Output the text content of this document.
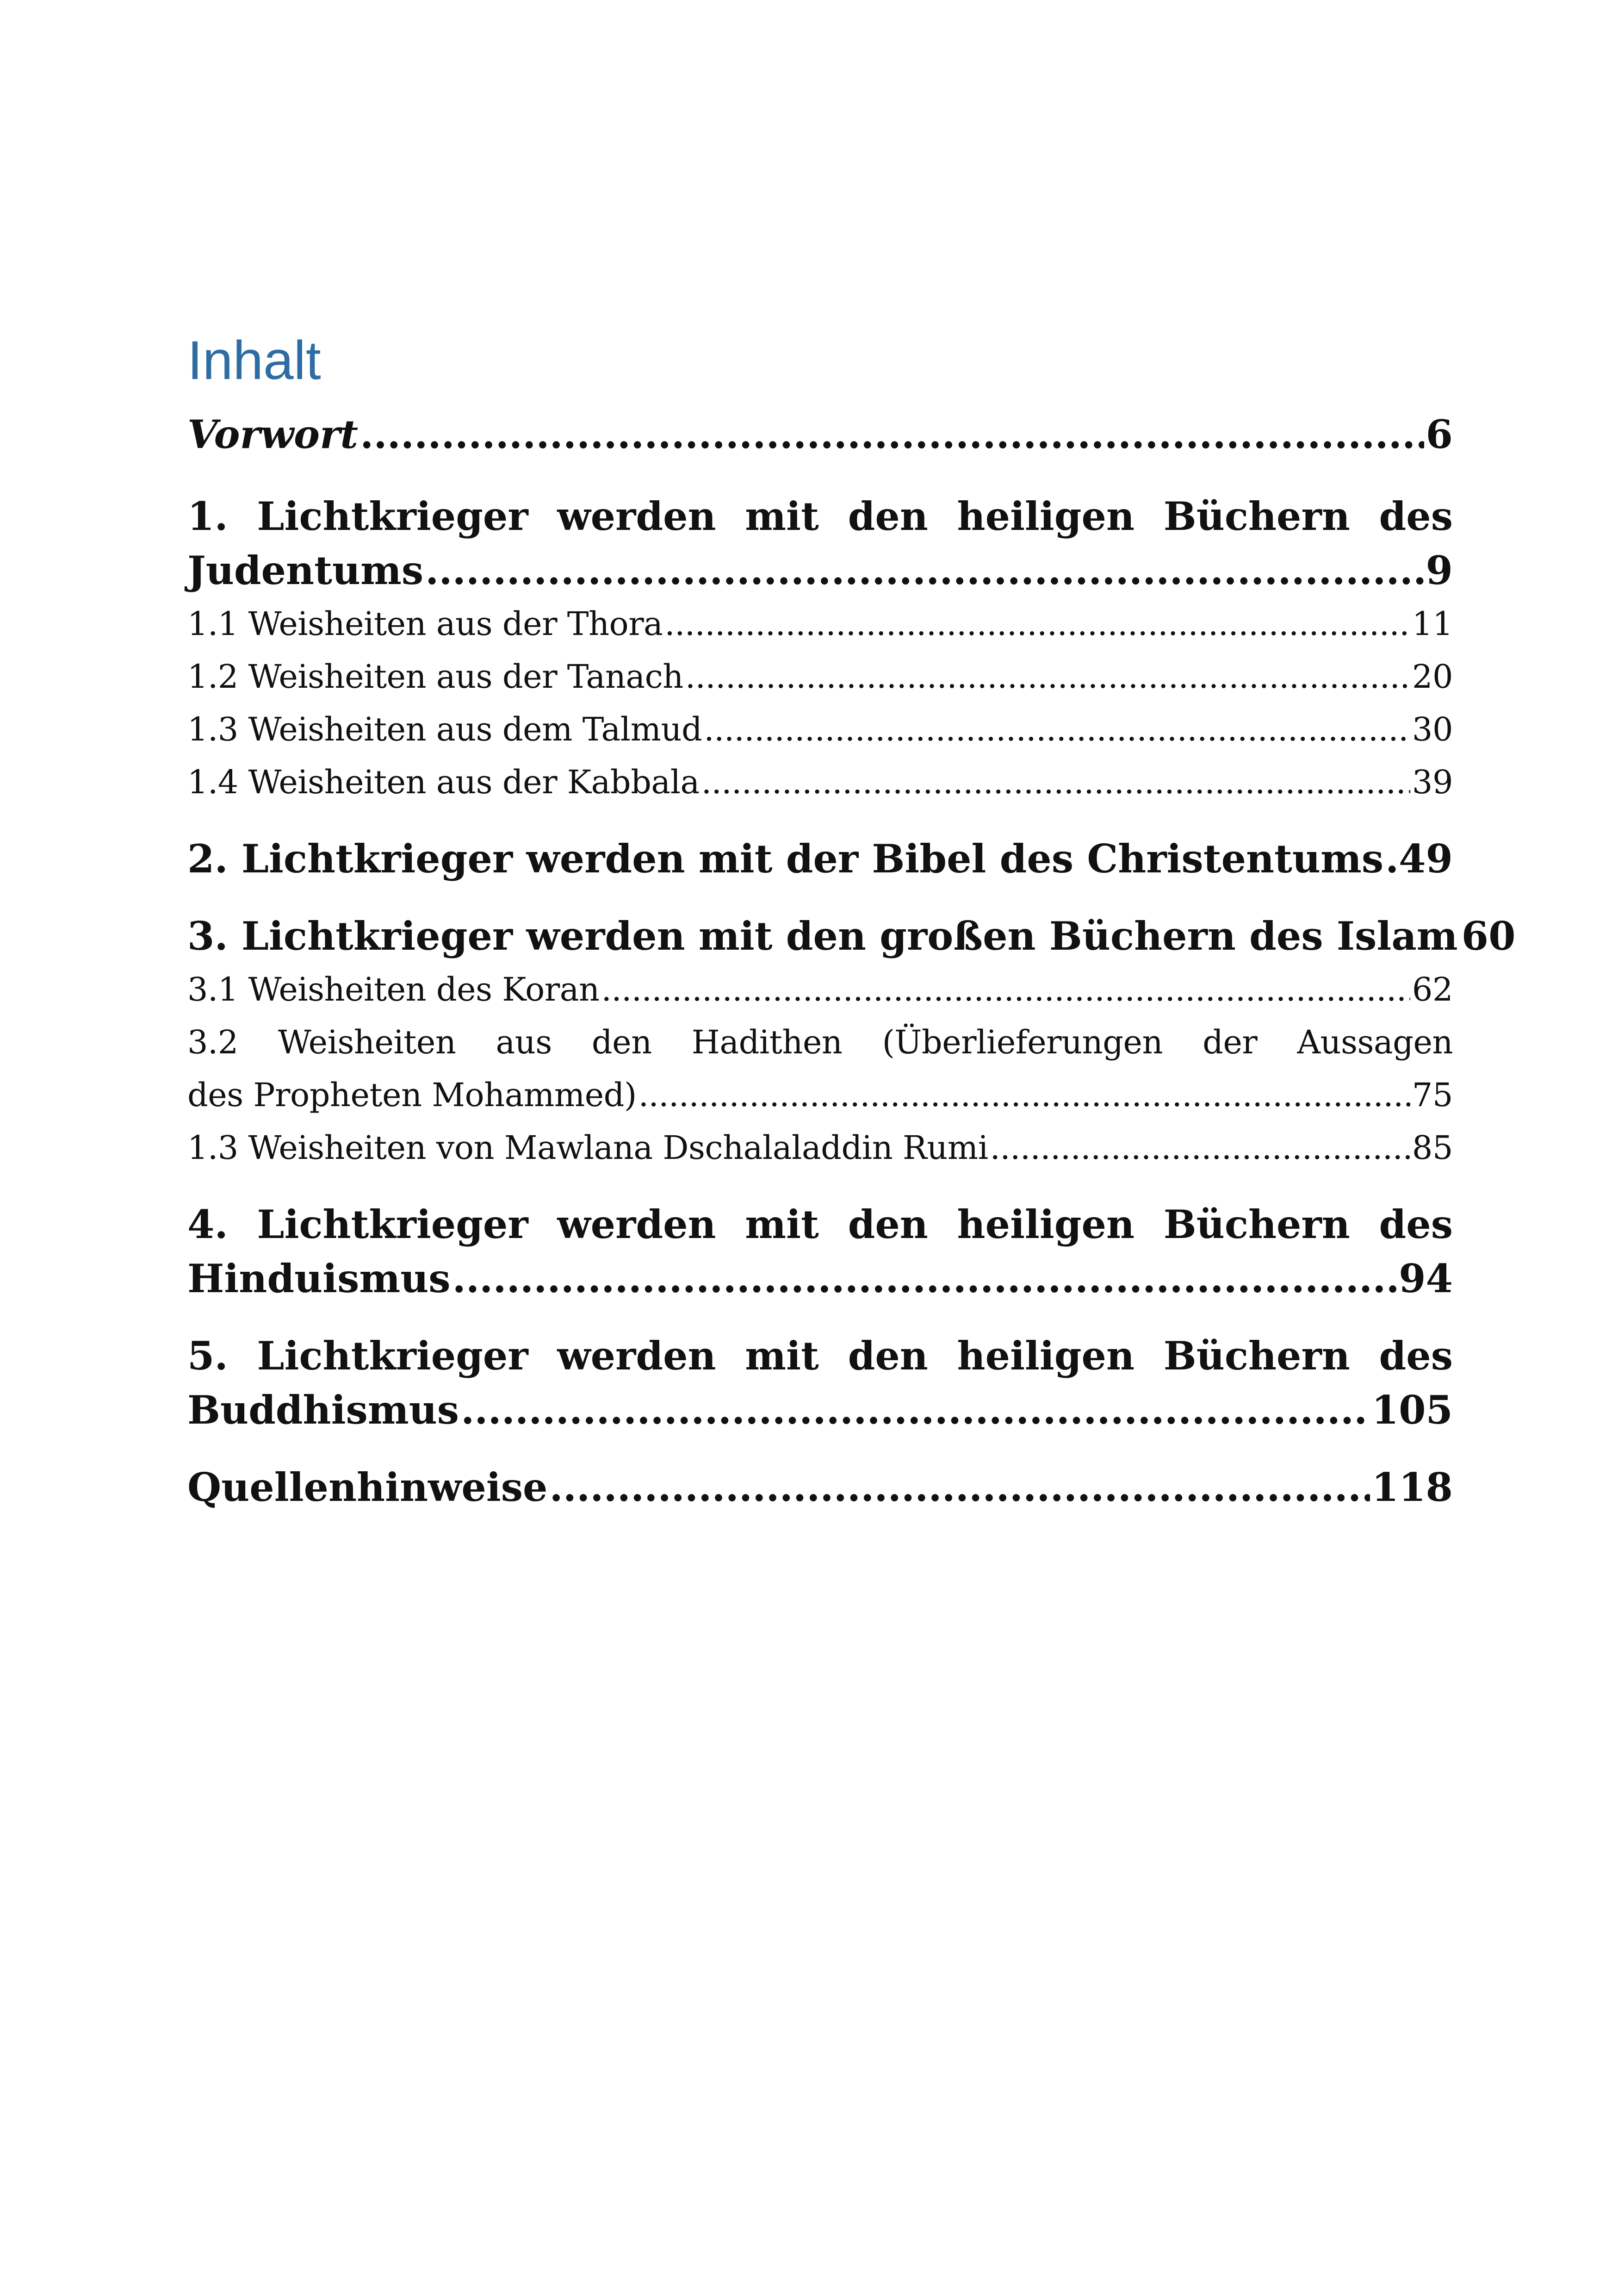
Inhalt
Vorwort .....	6
1. Lichtkrieger werden mit den heiligen Büchern des
Judentums .....	9
1.1 Weisheiten aus der Thora .....	11
1.2 Weisheiten aus der Tanach .....	20
1.3 Weisheiten aus dem Talmud .....	30
1.4 Weisheiten aus der Kabbala .....	39
2. Lichtkrieger werden mit der Bibel des Christentums ..... 49
3. Lichtkrieger werden mit den großen Büchern des Islam 60
3.1 Weisheiten des Koran .....	62
3.2 Weisheiten aus den Hadithen (Überlieferungen der Aussagen
des Propheten Mohammed) .....	75
1.3 Weisheiten von Mawlana Dschalaladdin Rumi .....	85
4. Lichtkrieger werden mit den heiligen Büchern des
Hinduismus .....	94
5. Lichtkrieger werden mit den heiligen Büchern des
Buddhismus .....	105
Quellenhinweise .....	118
